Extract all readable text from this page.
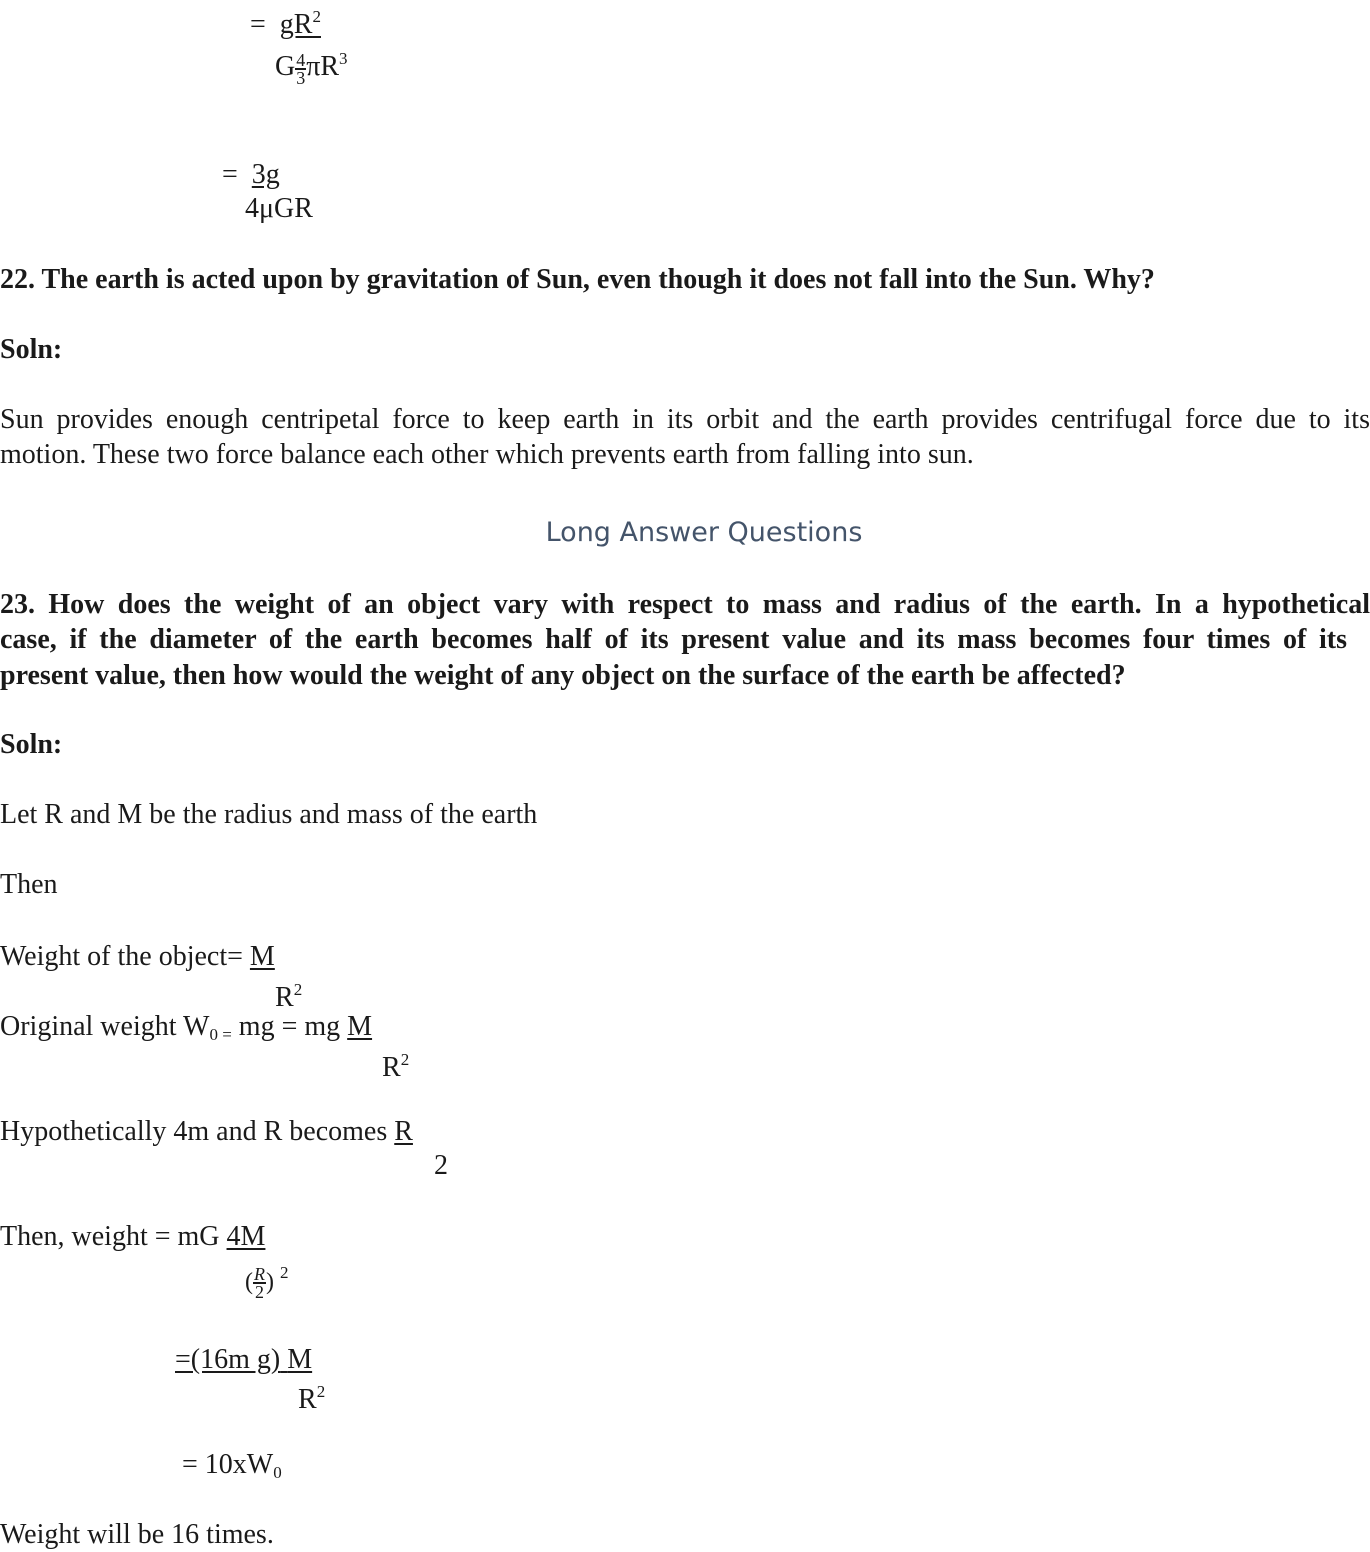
= $gR^2$
G $\frac{4}{3}\pi R^3$
= 3g
4μGR
22. The earth is acted upon by gravitation of Sun, even though it does not fall into the Sun. Why?
Soln:
Sun provides enough centripetal force to keep earth in its orbit and the earth provides centrifugal force due to its
motion. These two force balance each other which prevents earth from falling into sun.
Long Answer Questions
23. How does the weight of an object vary with respect to mass and radius of the earth. In a hypothetical
case, if the diameter of the earth becomes half of its present value and its mass becomes four times of its
present value, then how would the weight of any object on the surface of the earth be affected?
Soln:
Let R and M be the radius and mass of the earth
Then
Weight of the object= M
$R^2$
Original weight $W_{0 =}$ mg = mg M
$R^2$
Hypothetically 4m and R becomes R
2
Then, weight = mG 4M
( $\frac{R}{2}$) $^2$
=(16m g) M
$R^2$
= $10xW_0$
Weight will be 16 times.
